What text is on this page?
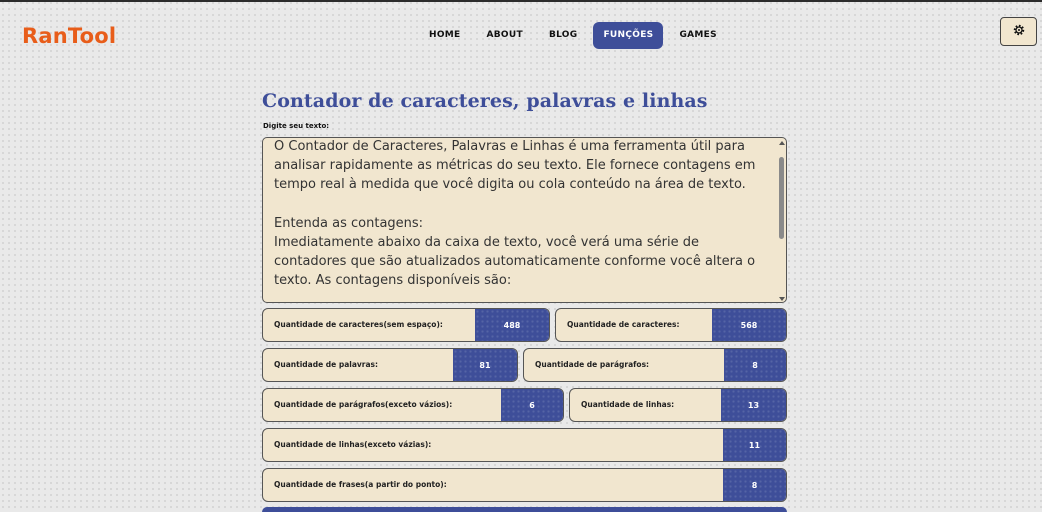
RanTool	HOME	ABOUT	BLOG	FUNÇÕES	GAMES
Contador de caracteres, palavras e linhas
Digite seu texto:
O Contador de Caracteres, Palavras e Linhas é uma ferramenta útil para analisar rapidamente as métricas do seu texto. Ele fornece contagens em tempo real à medida que você digita ou cola conteúdo na área de texto.

Entenda as contagens:
Imediatamente abaixo da caixa de texto, você verá uma série de contadores que são atualizados automaticamente conforme você altera o texto. As contagens disponíveis são:
Quantidade de caracteres(sem espaço):	488	Quantidade de caracteres:	568
Quantidade de palavras:	81	Quantidade de parágrafos:	8
Quantidade de parágrafos(exceto vázios):	6	Quantidade de linhas:	13
Quantidade de linhas(exceto vázias):	11
Quantidade de frases(a partir do ponto):	8
